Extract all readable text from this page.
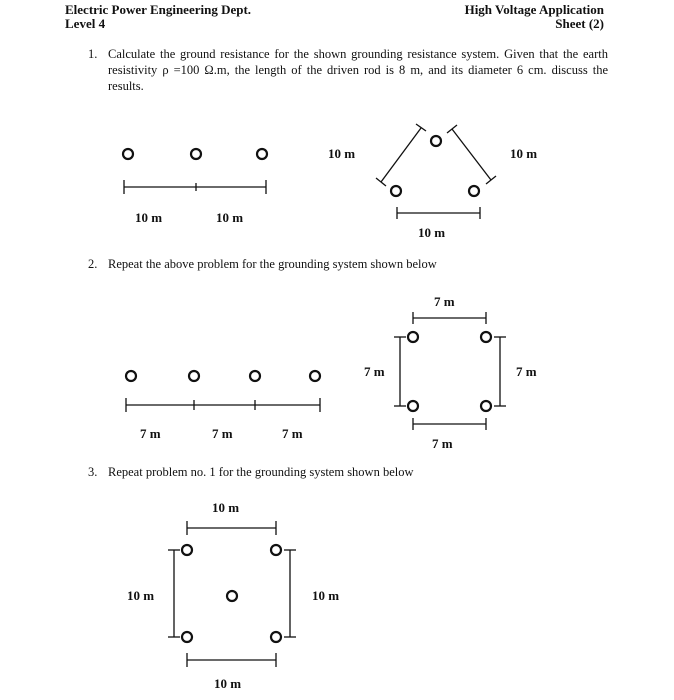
Electric Power Engineering Dept.
Level 4
High Voltage Application
Sheet (2)
1. Calculate the ground resistance for the shown grounding resistance system. Given that the earth resistivity ρ =100 Ω.m, the length of the driven rod is 8 m, and its diameter 6 cm. discuss the results.
2. Repeat the above problem for the grounding system shown below
3. Repeat problem no. 1 for the grounding system shown below
10 m	10 m
10 m	10 m
10 m
7 m	7 m	7 m
7 m
7 m	7 m
7 m
10 m
10 m	10 m
10 m
